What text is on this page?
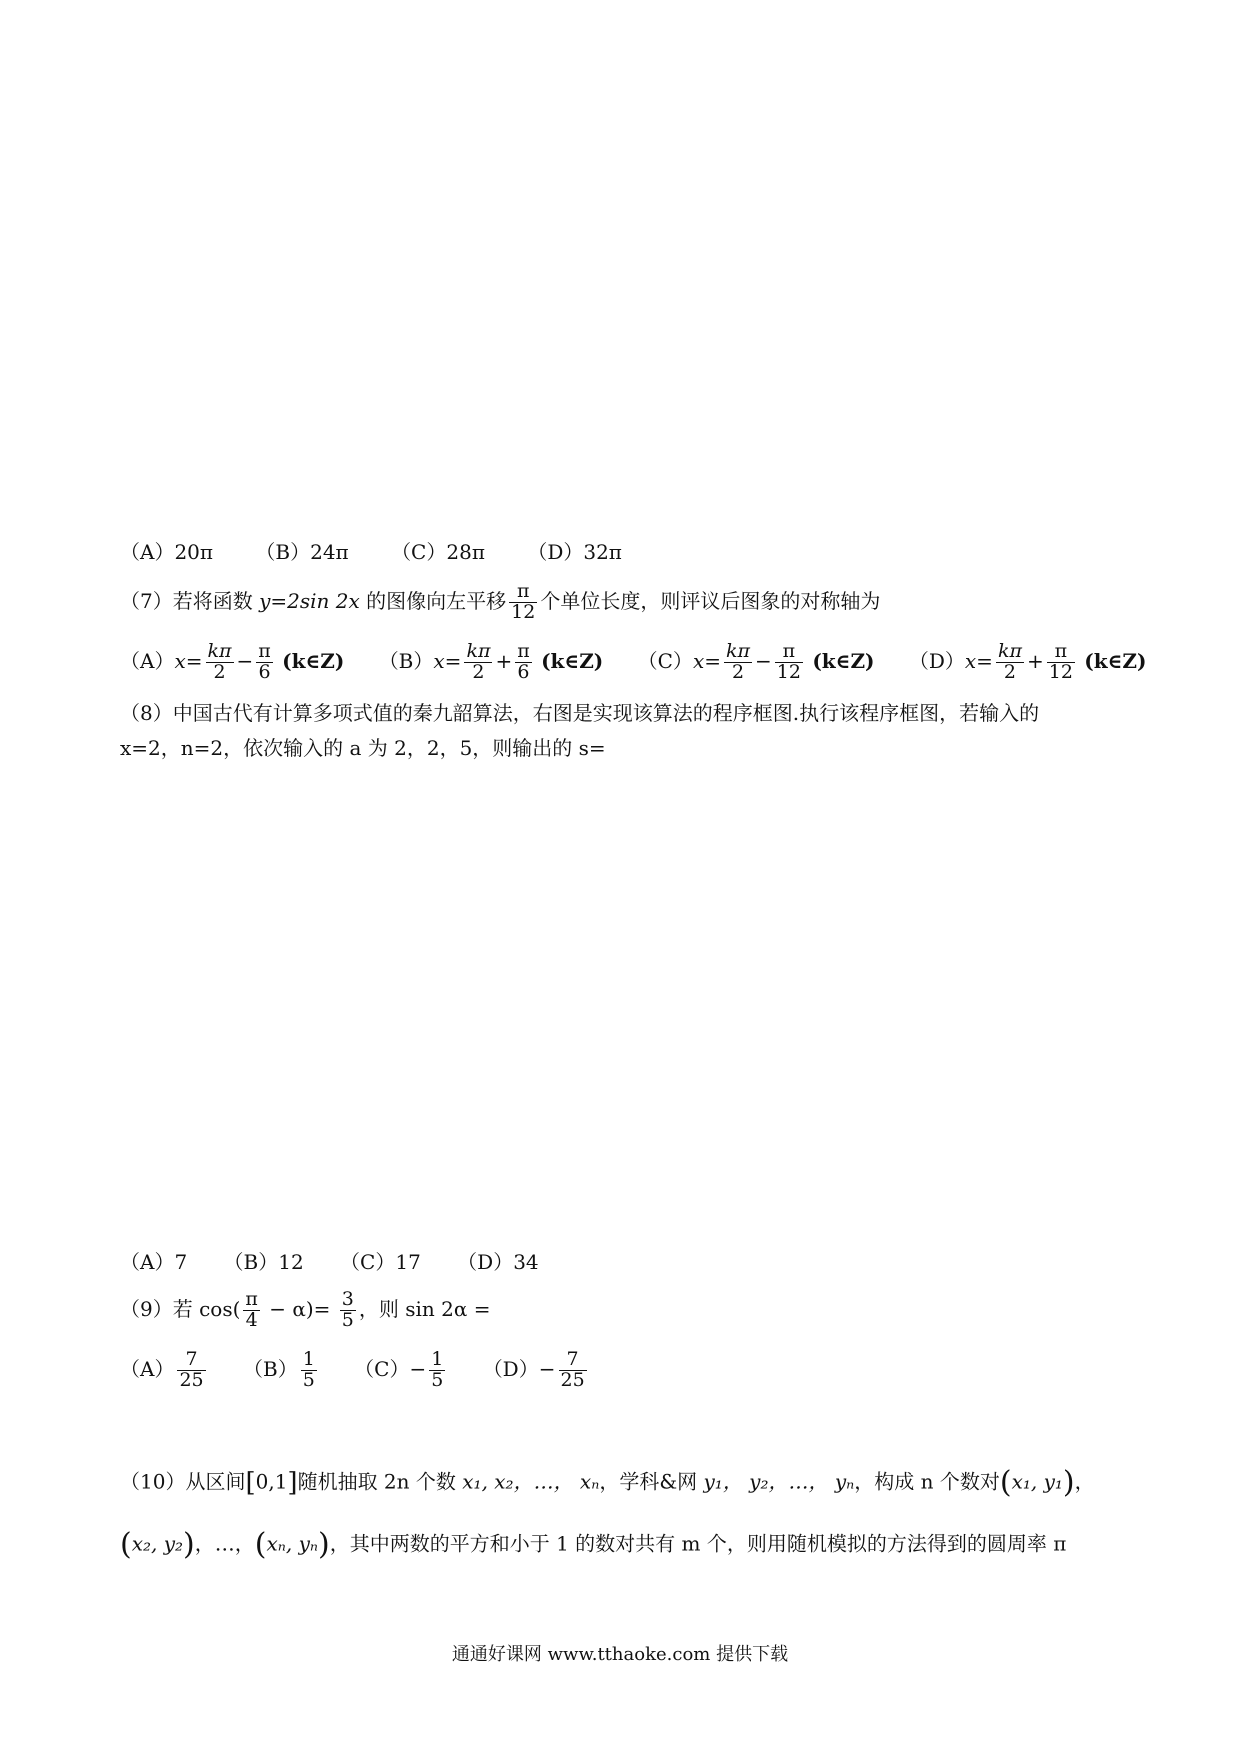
（A）20π （B）24π （C）28π （D）32π
（7）若将函数 y=2sin 2x 的图像向左平移 $\frac{\pi}{12}$ 个单位长度，则评议后图象的对称轴为
$(A)x= \frac{k\pi}{2} - \frac{\pi}{6}$ (k∈Z) $(B)x= \frac{k\pi}{2} + \frac{\pi}{6}$ (k∈Z) $(C)x= \frac{k\pi}{2} - \frac{\pi}{12}$ (k∈Z) $(D)x= \frac{k\pi}{2} + \frac{\pi}{12}$ (k∈Z)
（8）中国古代有计算多项式值的秦九韶算法，右图是实现该算法的程序框图.执行该程序框图，若输入的
x=2，n=2，依次输入的 a 为 2，2，5，则输出的 s=
（A）7 （B）12 （C）17 （D）34
（9）若 $\cos( \frac{\pi}{4} - \alpha)= \frac{3}{5}$ ，则 sin 2α =
$(A) \frac{7}{25} (B) \frac{1}{5} (C)- \frac{1}{5} (D)- \frac{7}{25}$
（10）从区间[0,1]随机抽取 2n 个数 x₁, x₂，…， xₙ，学科&网 y₁， y₂，…， yₙ，构成 n 个数对(x₁, y₁)，
(x₂, y₂)，…，(xₙ, yₙ)，其中两数的平方和小于 1 的数对共有 m 个，则用随机模拟的方法得到的圆周率 π
通通好课网 www.tthaoke.com 提供下载
